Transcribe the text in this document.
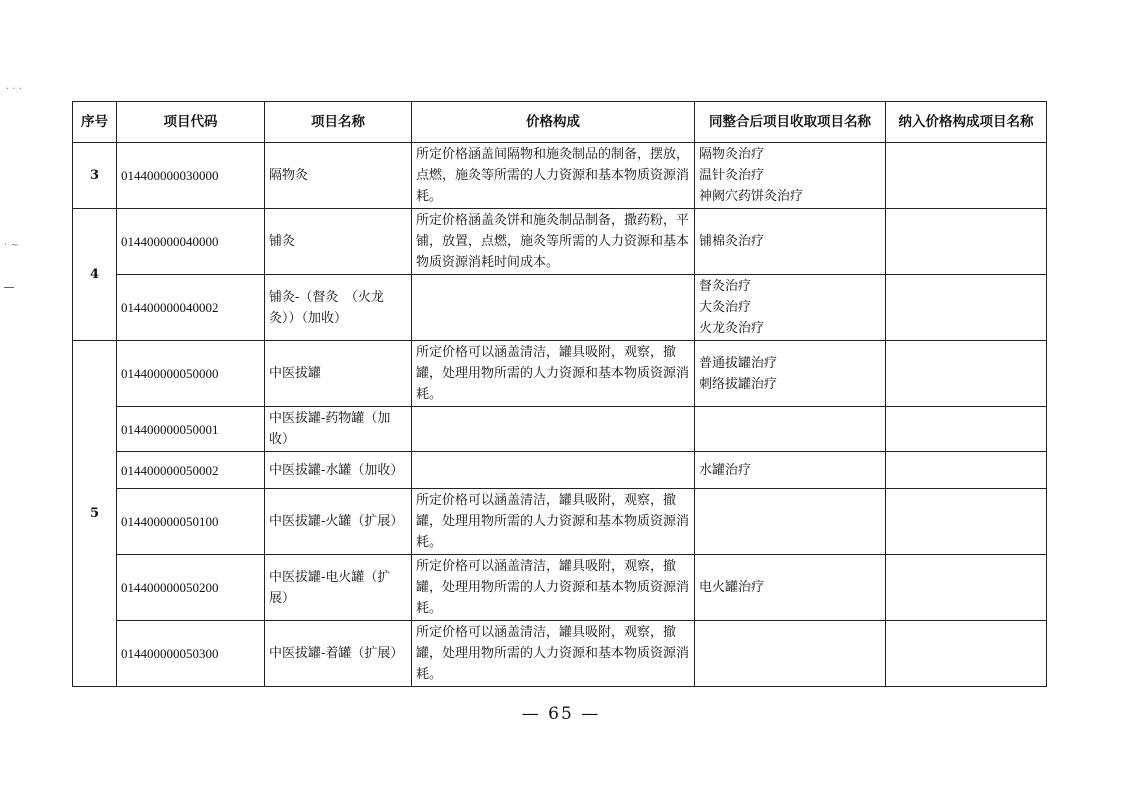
· · ·
· ~
序号	项目代码	项目名称	价格构成	同整合后项目收取项目名称	纳入价格构成项目名称
3	014400000030000	隔物灸	所定价格涵盖间隔物和施灸制品的制备，摆放，点燃，施灸等所需的人力资源和基本物质资源消耗。	隔物灸治疗
温针灸治疗
神阙穴药饼灸治疗	

4	014400000040000	铺灸	所定价格涵盖灸饼和施灸制品制备，撒药粉，平铺，放置，点燃，施灸等所需的人力资源和基本物质资源消耗时间成本。	铺棉灸治疗	

	014400000040002	铺灸-（督灸　（火龙灸））（加收）		督灸治疗
大灸治疗
火龙灸治疗	

5	014400000050000	中医拔罐	所定价格可以涵盖清洁，罐具吸附，观察，撤罐，处理用物所需的人力资源和基本物质资源消耗。	普通拔罐治疗
刺络拔罐治疗	

	014400000050001	中医拔罐-药物罐（加收）			
	014400000050002	中医拔罐-水罐（加收）		水罐治疗	

	014400000050100	中医拔罐-火罐（扩展）	所定价格可以涵盖清洁，罐具吸附，观察，撤罐，处理用物所需的人力资源和基本物质资源消耗。		
	014400000050200	中医拔罐-电火罐（扩展）	所定价格可以涵盖清洁，罐具吸附，观察，撤罐，处理用物所需的人力资源和基本物质资源消耗。	电火罐治疗	

	014400000050300	中医拔罐-着罐（扩展）	所定价格可以涵盖清洁，罐具吸附，观察，撤罐，处理用物所需的人力资源和基本物质资源消耗。		
— 65 —
